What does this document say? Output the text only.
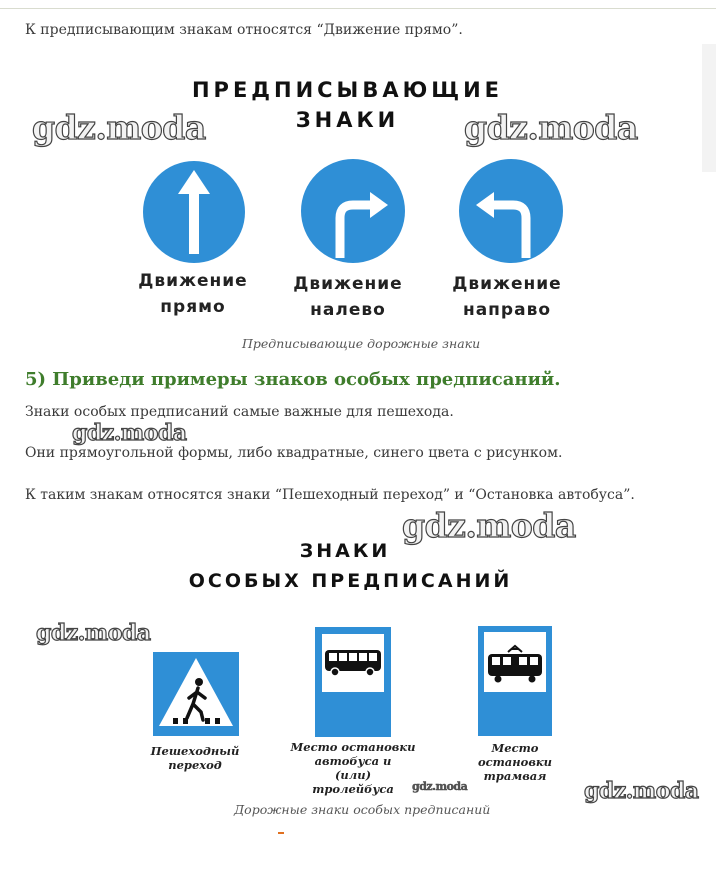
К предписывающим знакам относятся “Движение прямо”.
ПРЕДПИСЫВАЮЩИЕ
ЗНАКИ
Движение
прямо
Движение
налево
Движение
направо
Предписывающие дорожные знаки
gdz.moda	gdz.moda
5) Приведи примеры знаков особых предписаний.
Знаки особых предписаний самые важные для пешехода.
gdz.moda
Они прямоугольной формы, либо квадратные, синего цвета с рисунком.
К таким знакам относятся знаки “Пешеходный переход” и “Остановка автобуса”.
ЗНАКИ
ОСОБЫХ ПРЕДПИСАНИЙ
Пешеходный
переход
Место остановки
автобуса и
(или)
тролейбуса
Место
остановки
трамвая
Дорожные знаки особых предписаний
gdz.moda
gdz.moda
gdz.moda	gdz.moda
